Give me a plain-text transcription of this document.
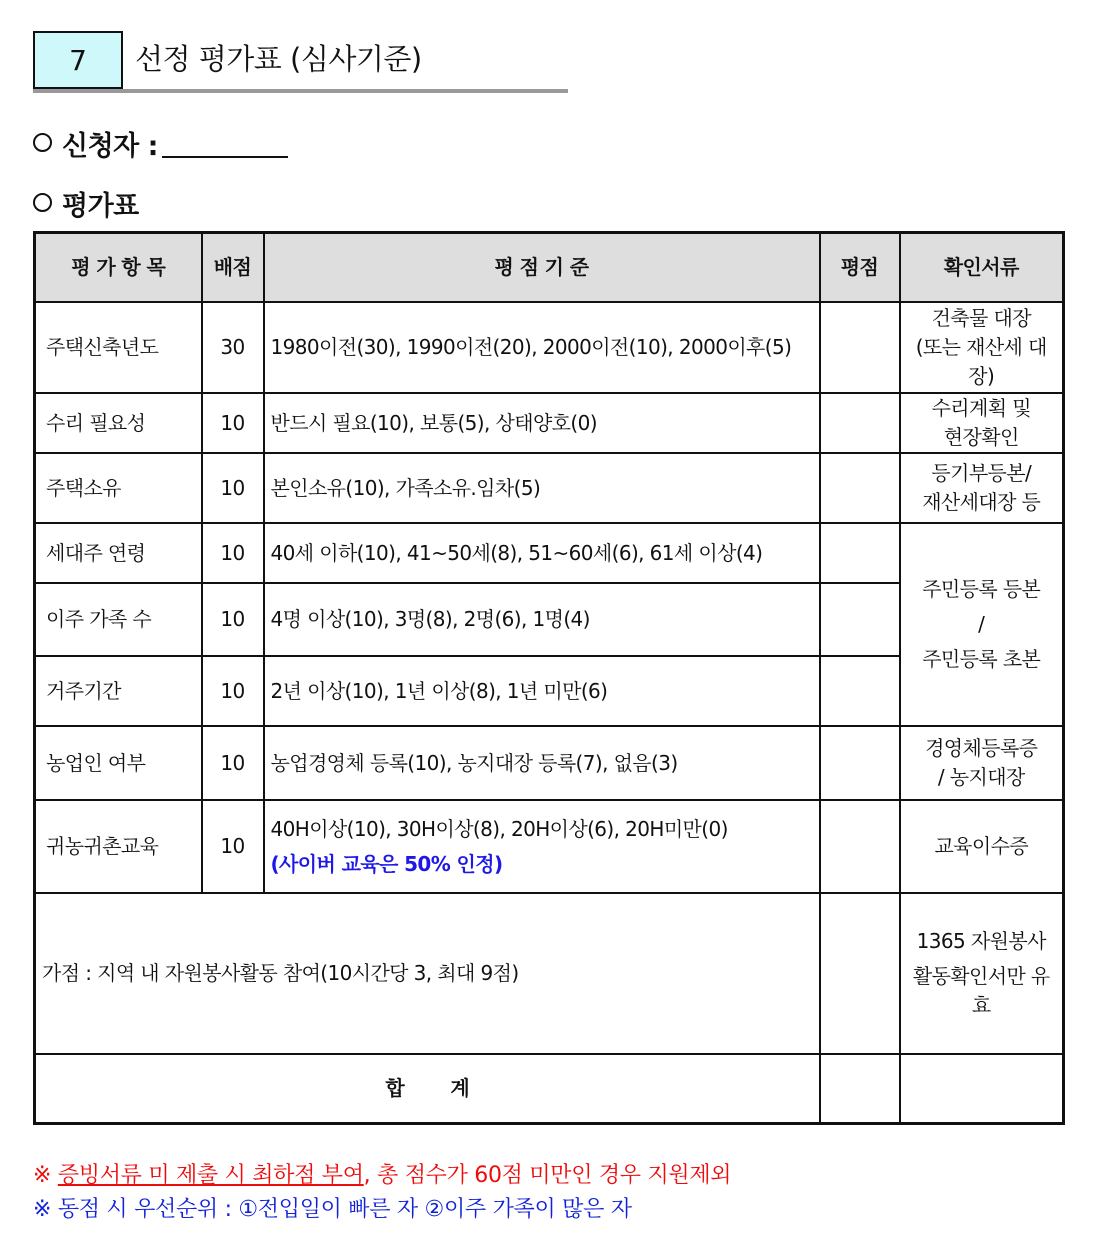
7	선정 평가표 (심사기준)
신청자 :
평가표
평 가 항 목	배점	평 점 기 준	평점	확인서류
주택신축년도	30	1980이전(30), 1990이전(20), 2000이전(10), 2000이후(5)		건축물 대장
(또는 재산세 대장)

수리 필요성	10	반드시 필요(10), 보통(5), 상태양호(0)		수리계획 및
현장확인

주택소유	10	본인소유(10), 가족소유.임차(5)		등기부등본/
재산세대장 등

세대주 연령	10	40세 이하(10), 41~50세(8), 51~60세(6), 61세 이상(4)		주민등록 등본
/
주민등록 초본

이주 가족 수	10	4명 이상(10), 3명(8), 2명(6), 1명(4)		
거주기간	10	2년 이상(10), 1년 이상(8), 1년 미만(6)		
농업인 여부	10	농업경영체 등록(10), 농지대장 등록(7), 없음(3)		경영체등록증
/ 농지대장

귀농귀촌교육	10	40H이상(10), 30H이상(8), 20H이상(6), 20H미만(0)
(사이버 교육은 50% 인정)		교육이수증
가점 : 지역 내 자원봉사활동 참여(10시간당 3, 최대 9점)				1365 자원봉사
활동확인서만 유효

합 계				
※ 증빙서류 미 제출 시 최하점 부여, 총 점수가 60점 미만인 경우 지원제외
※ 동점 시 우선순위 : ①전입일이 빠른 자 ②이주 가족이 많은 자
